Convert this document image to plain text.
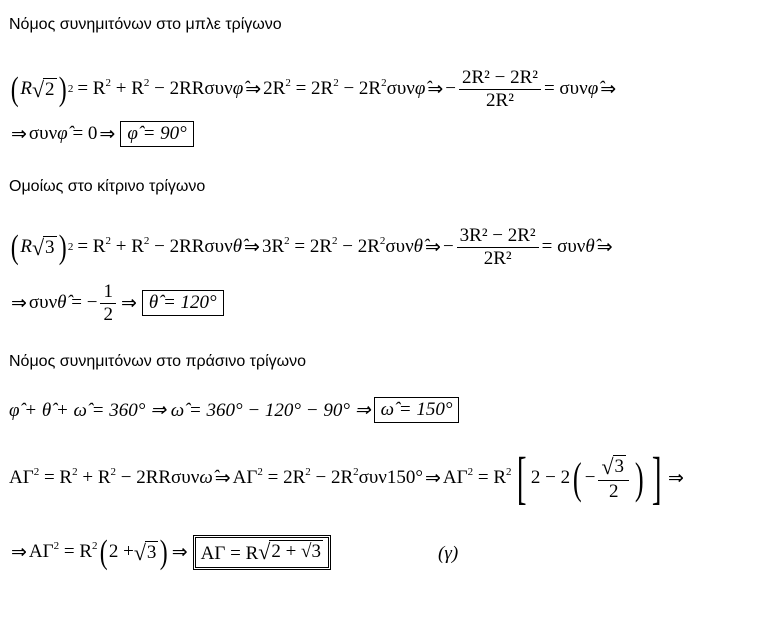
Νόμος συνημιτόνων στο μπλε τρίγωνο
( R √ 2 ) $2 = R^2 + R^2$ − 2RRσυνφ̂ ⇒ $2R^2 = 2R^2$ − $2R^2\sigma\upsilon\nu\varphî$ ⇒ − $\frac{\text{2R² − 2R²}}{\text{2R²}}$ = συνφ̂ ⇒
⇒ συνφ̂ = 0 ⇒ φ̂ = 90°
Ομοίως στο κίτρινο τρίγωνο
( R √ 3 ) $2 = R^2 + R^2$ − 2RRσυνθ̂ ⇒ $3R^2 = 2R^2$ − $2R^2\sigma\upsilon\nu\thetâ$ ⇒ − $\frac{\text{3R² − 2R²}}{\text{2R²}}$ = συνθ̂ ⇒
⇒ συνθ̂ = − $\frac{1}{2}$ ⇒ θ̂ = 120°
Νόμος συνημιτόνων στο πράσινο τρίγωνο
φ̂ + θ̂ + ω̂ = 360° ⇒ ω̂ = 360° − 120° − 90° ⇒ ω̂ = 150°
$A\Gamma^2 = R^2 + R^2$ − 2RRσυνω̂ ⇒ $A\Gamma^2 = 2R^2 - 2R^2\sigma\upsilon\nu 150^\circ$ ⇒ $A\Gamma^2 = R^2$ [ 2 − 2 ( − $\frac{√ 3}{2}$ ) ] ⇒
⇒ $A\Gamma^2 = R^2$ ( 2 + √ 3 ) ⇒ ΑΓ = R √ 2 + √3	(γ)
